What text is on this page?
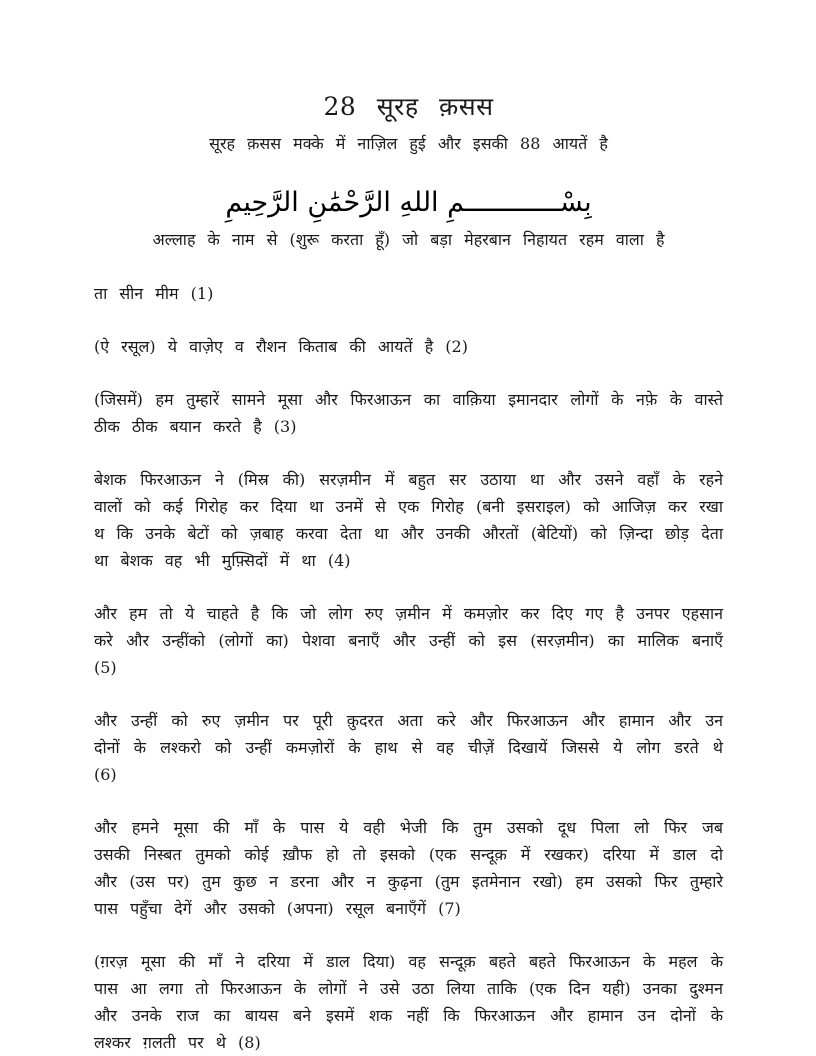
28 सूरह क़सस
सूरह क़सस मक्के में नाज़िल हुई और इसकी 88 आयतें है
بِسْــــــــــــمِ اللهِ الرَّحْمَٰنِ الرَّحِيمِ
अल्लाह के नाम से (शुरू करता हूँ) जो बड़ा मेहरबान निहायत रहम वाला है

ता सीन मीम (1)

(ऐ रसूल) ये वाज़ेए व रौशन किताब की आयतें है (2)

(जिसमें) हम तुम्हारें सामने मूसा और फिरआऊन का वाक़िया इमानदार लोगों के नफ़े के वास्ते ठीक ठीक बयान करते है (3)

बेशक फिरआऊन ने (मिस्र की) सरज़मीन में बहुत सर उठाया था और उसने वहाँ के रहने वालों को कई गिरोह कर दिया था उनमें से एक गिरोह (बनी इसराइल) को आजिज़ कर रखा थ कि उनके बेटों को ज़बाह करवा देता था और उनकी औरतों (बेटियों) को ज़िन्दा छोड़ देता था बेशक वह भी मुफ़्सिदों में था (4)

और हम तो ये चाहते है कि जो लोग रुए ज़मीन में कमज़ोर कर दिए गए है उनपर एहसान करे और उन्हींको (लोगों का) पेशवा बनाएँ और उन्हीं को इस (सरज़मीन) का मालिक बनाएँ (5)

और उन्हीं को रुए ज़मीन पर पूरी क़ुदरत अता करे और फिरआऊन और हामान और उन दोनों के लश्करो को उन्हीं कमज़ोरों के हाथ से वह चीज़ें दिखायें जिससे ये लोग डरते थे (6)

और हमने मूसा की माँ के पास ये वही भेजी कि तुम उसको दूध पिला लो फिर जब उसकी निस्बत तुमको कोई ख़ौफ हो तो इसको (एक सन्दूक़ में रखकर) दरिया में डाल दो और (उस पर) तुम कुछ न डरना और न कुढ़ना (तुम इतमेनान रखो) हम उसको फिर तुम्हारे पास पहुँचा देगें और उसको (अपना) रसूल बनाएँगें (7)

(ग़रज़ मूसा की माँ ने दरिया में डाल दिया) वह सन्दूक़ बहते बहते फिरआऊन के महल के पास आ लगा तो फिरआऊन के लोगों ने उसे उठा लिया ताकि (एक दिन यही) उनका दुश्मन और उनके राज का बायस बने इसमें शक नहीं कि फिरआऊन और हामान उन दोनों के लश्कर ग़लती पर थे (8)
